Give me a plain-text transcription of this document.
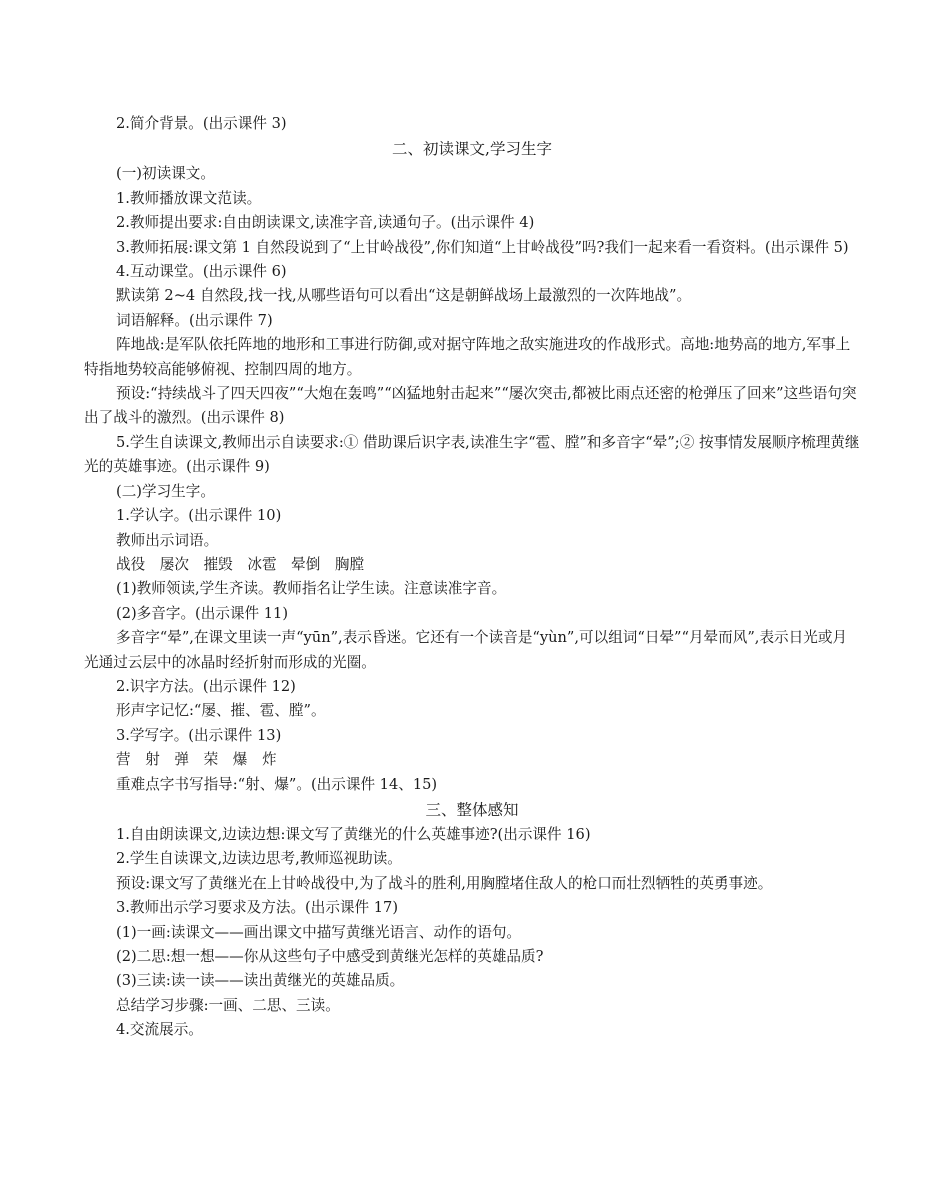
2.简介背景。(出示课件 3)

二、初读课文,学习生字

(一)初读课文。

1.教师播放课文范读。

2.教师提出要求:自由朗读课文,读准字音,读通句子。(出示课件 4)

3.教师拓展:课文第 1 自然段说到了“上甘岭战役”,你们知道“上甘岭战役”吗?我们一起来看一看资料。(出示课件 5)

4.互动课堂。(出示课件 6)

默读第 2~4 自然段,找一找,从哪些语句可以看出“这是朝鲜战场上最激烈的一次阵地战”。

词语解释。(出示课件 7)

阵地战:是军队依托阵地的地形和工事进行防御,或对据守阵地之敌实施进攻的作战形式。高地:地势高的地方,军事上特指地势较高能够俯视、控制四周的地方。

预设:“持续战斗了四天四夜”“大炮在轰鸣”“凶猛地射击起来”“屡次突击,都被比雨点还密的枪弹压了回来”这些语句突出了战斗的激烈。(出示课件 8)

5.学生自读课文,教师出示自读要求:① 借助课后识字表,读准生字“雹、膛”和多音字“晕”;② 按事情发展顺序梳理黄继光的英雄事迹。(出示课件 9)

(二)学习生字。

1.学认字。(出示课件 10)

教师出示词语。

战役　屡次　摧毁　冰雹　晕倒　胸膛

(1)教师领读,学生齐读。教师指名让学生读。注意读准字音。

(2)多音字。(出示课件 11)

多音字“晕”,在课文里读一声“yūn”,表示昏迷。它还有一个读音是“yùn”,可以组词“日晕”“月晕而风”,表示日光或月光通过云层中的冰晶时经折射而形成的光圈。

2.识字方法。(出示课件 12)

形声字记忆:“屡、摧、雹、膛”。

3.学写字。(出示课件 13)

营　射　弹　荣　爆　炸

重难点字书写指导:“射、爆”。(出示课件 14、15)

三、整体感知

1.自由朗读课文,边读边想:课文写了黄继光的什么英雄事迹?(出示课件 16)

2.学生自读课文,边读边思考,教师巡视助读。

预设:课文写了黄继光在上甘岭战役中,为了战斗的胜利,用胸膛堵住敌人的枪口而壮烈牺牲的英勇事迹。

3.教师出示学习要求及方法。(出示课件 17)

(1)一画:读课文——画出课文中描写黄继光语言、动作的语句。

(2)二思:想一想——你从这些句子中感受到黄继光怎样的英雄品质?

(3)三读:读一读——读出黄继光的英雄品质。

总结学习步骤:一画、二思、三读。

4.交流展示。
